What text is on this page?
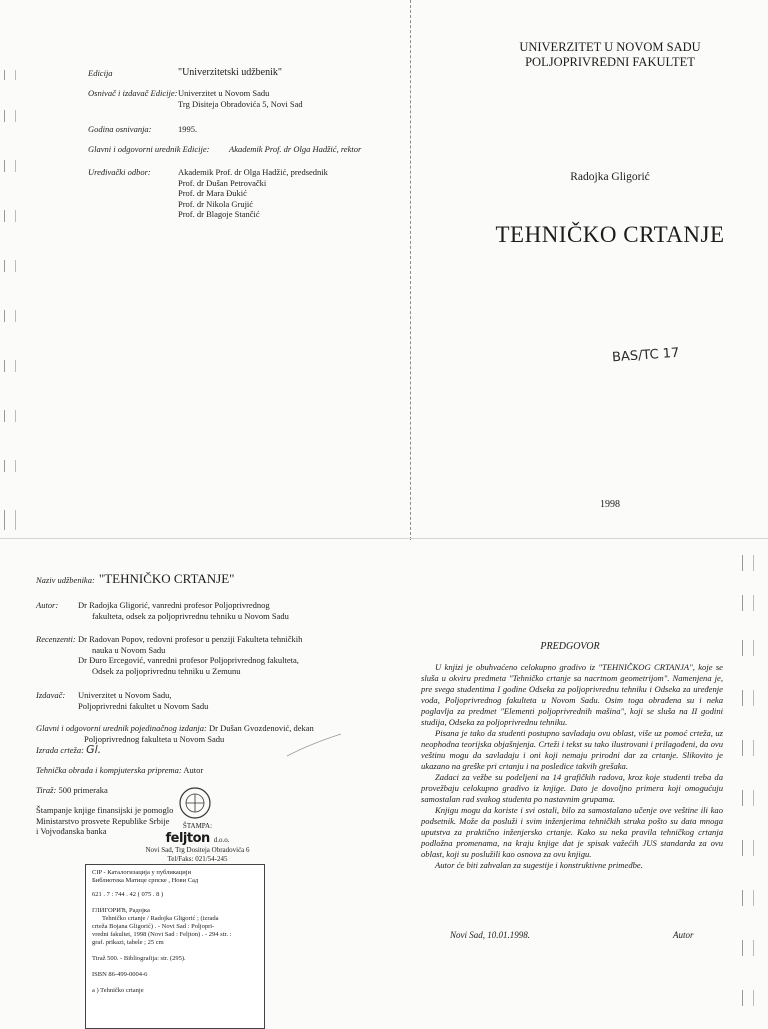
Edicija	"Univerzitetski udžbenik"
Osnivač i izdavač Edicije: Univerzitet u Novom Sadu
Trg Disiteja Obradovića 5, Novi Sad
Godina osnivanja:	1995.
Glavni i odgovorni urednik Edicije: Akademik Prof. dr Olga Hadžić, rektor
Uređivački odbor:	Akademik Prof. dr Olga Hadžić, predsednik
Prof. dr Dušan Petrovački
Prof. dr Mara Đukić
Prof. dr Nikola Grujić
Prof. dr Blagoje Stančić
UNIVERZITET U NOVOM SADU
POLJOPRIVREDNI FAKULTET
Radojka Gligorić
TEHNIČKO CRTANJE
BAS/TC 17
1998
Naziv udžbenika: "TEHNIČKO CRTANJE"
Autor: Dr Radojka Gligorić, vanredni profesor Poljoprivrednog
fakulteta, odsek za poljoprivrednu tehniku u Novom Sadu
Recenzenti: Dr Radovan Popov, redovni profesor u penziji Fakulteta tehničkih
nauka u Novom Sadu
Dr Đuro Ercegović, vanredni profesor Poljoprivrednog fakulteta,
Odsek za poljoprivrednu tehniku u Zemunu
Izdavač: Univerzitet u Novom Sadu,
Poljoprivredni fakultet u Novom Sadu
Glavni i odgovorni urednik pojedinačnog izdanja: Dr Dušan Gvozdenović, dekan
Poljoprivrednog fakulteta u Novom Sadu
Izrada crteža: Gl.
Tehnička obrada i kompjuterska priprema: Autor
Tiraž: 500 primeraka
Štampanje knjige finansijski je pomoglo
Ministarstvo prosvete Republike Srbije
i Vojvođanska banka	ŠTAMPA:
feljton d.o.o.
Novi Sad, Trg Dositeja Obradovića 6
Tel/Faks: 021/54-245

CIP - Каталогизација у публикацији

Библиотека Матице српске , Нови Сад

621 . 7 : 744 . 42 ( 075 . 8 )

ГЛИГОРИЋ, Радојка

Tehničko crtanje / Radojka Gligorić ; (izrada

crteža Bojana Gligorić) . - Novi Sad : Poljopri-

vredni fakultet, 1998 (Novi Sad : Feljton) . - 294 str. :

graf. prikazi, tabele ; 25 cm

Tiraž 500. - Bibliografija: str. (295).

ISBN 86-499-0004-6

a ) Tehničko crtanje

PREDGOVOR

U knjizi je obuhvaćeno celokupno gradivo iz "TEHNIČKOG CRTANJA", koje se sluša u okviru predmeta "Tehničko crtanje sa nacrtnom geometrijom". Namenjena je, pre svega studentima I godine Odseka za poljoprivrednu tehniku i Odseka za uređenje voda, Poljoprivrednog fakulteta u Novom Sadu. Osim toga obrađena su i neka poglavlja za predmet "Elementi poljoprivrednih mašina", koji se sluša na II godini studija, Odseka za poljoprivrednu tehniku.

Pisana je tako da studenti postupno savladaju ovu oblast, više uz pomoć crteža, uz neophodna teorijska objašnjenja. Crteži i tekst su tako ilustrovani i prilagođeni, da ovu veštinu mogu da savladaju i oni koji nemaju prirodni dar za crtanje. Slikovito je ukazano na greške pri crtanju i na posledice takvih grešaka.

Zadaci za vežbe su podeljeni na 14 grafičkih radova, kroz koje studenti treba da provežbaju celokupno gradivo iz knjige. Dato je dovoljno primera koji omogućuju samostalan rad svakog studenta po nastavnim grupama.

Knjigu mogu da koriste i svi ostali, bilo za samostalano učenje ove veštine ili kao podsetnik. Može da posluži i svim inženjerima tehničkih struka pošto su data mnoga uputstva za praktično inženjersko crtanje. Kako su neka pravila tehničkog crtanja podložna promenama, na kraju knjige dat je spisak važećih JUS standarda za ovu oblast, koji su poslužili kao osnova za ovu knjigu.

Autor će biti zahvalan za sugestije i konstruktivne primedbe.

Novi Sad, 10.01.1998.	Autor
